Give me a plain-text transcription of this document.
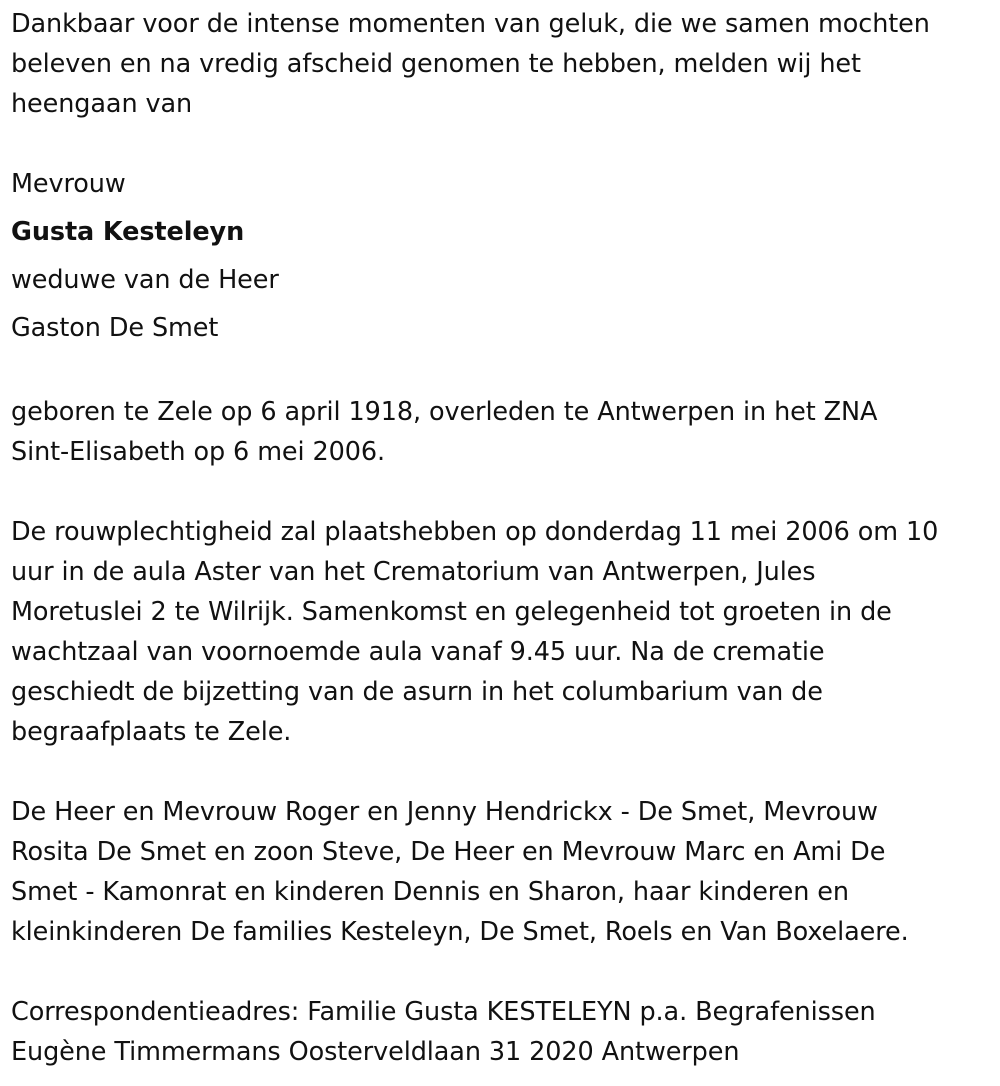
Dankbaar voor de intense momenten van geluk, die we samen mochten
beleven en na vredig afscheid genomen te hebben, melden wij het
heengaan van

Mevrouw

Gusta Kesteleyn

weduwe van de Heer

Gaston De Smet

geboren te Zele op 6 april 1918, overleden te Antwerpen in het ZNA
Sint-Elisabeth op 6 mei 2006.

De rouwplechtigheid zal plaatshebben op donderdag 11 mei 2006 om 10
uur in de aula Aster van het Crematorium van Antwerpen, Jules
Moretuslei 2 te Wilrijk. Samenkomst en gelegenheid tot groeten in de
wachtzaal van voornoemde aula vanaf 9.45 uur. Na de crematie
geschiedt de bijzetting van de asurn in het columbarium van de
begraafplaats te Zele.

De Heer en Mevrouw Roger en Jenny Hendrickx - De Smet, Mevrouw
Rosita De Smet en zoon Steve, De Heer en Mevrouw Marc en Ami De
Smet - Kamonrat en kinderen Dennis en Sharon, haar kinderen en
kleinkinderen De families Kesteleyn, De Smet, Roels en Van Boxelaere.

Correspondentieadres: Familie Gusta KESTELEYN p.a. Begrafenissen
Eugène Timmermans Oosterveldlaan 31 2020 Antwerpen
